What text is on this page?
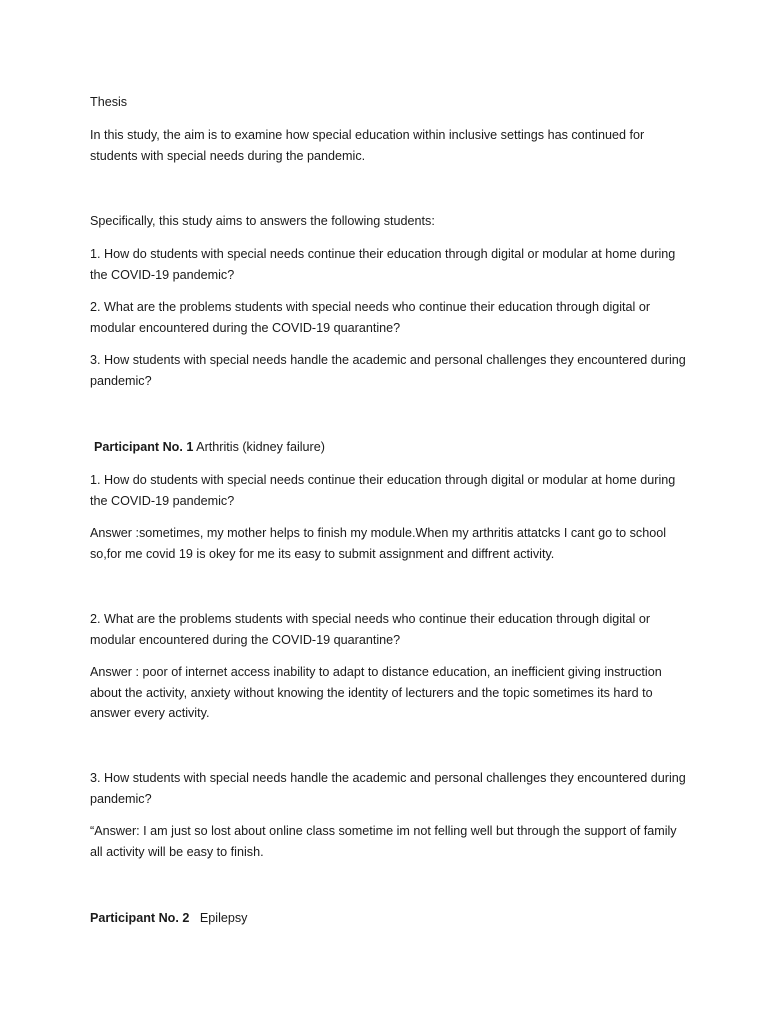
Thesis

In this study, the aim is to examine how special education within inclusive settings has continued for students with special needs during the pandemic.

Specifically, this study aims to answers the following students:

1. How do students with special needs continue their education through digital or modular at home during the COVID-19 pandemic?

2. What are the problems students with special needs who continue their education through digital or modular encountered during the COVID-19 quarantine?

3. How students with special needs handle the academic and personal challenges they encountered during pandemic?

Participant No. 1 Arthritis (kidney failure)

1. How do students with special needs continue their education through digital or modular at home during the COVID-19 pandemic?

Answer :sometimes, my mother helps to finish my module.When my arthritis attatcks I cant go to school so,for me covid 19 is okey for me its easy to submit assignment and diffrent activity.

2. What are the problems students with special needs who continue their education through digital or modular encountered during the COVID-19 quarantine?

Answer : poor of internet access inability to adapt to distance education, an inefficient giving instruction about the activity, anxiety without knowing the identity of lecturers and the topic sometimes its hard to answer every activity.

3. How students with special needs handle the academic and personal challenges they encountered during pandemic?

“Answer: I am just so lost about online class sometime im not felling well but through the support of family all activity will be easy to finish.

Participant No. 2   Epilepsy
